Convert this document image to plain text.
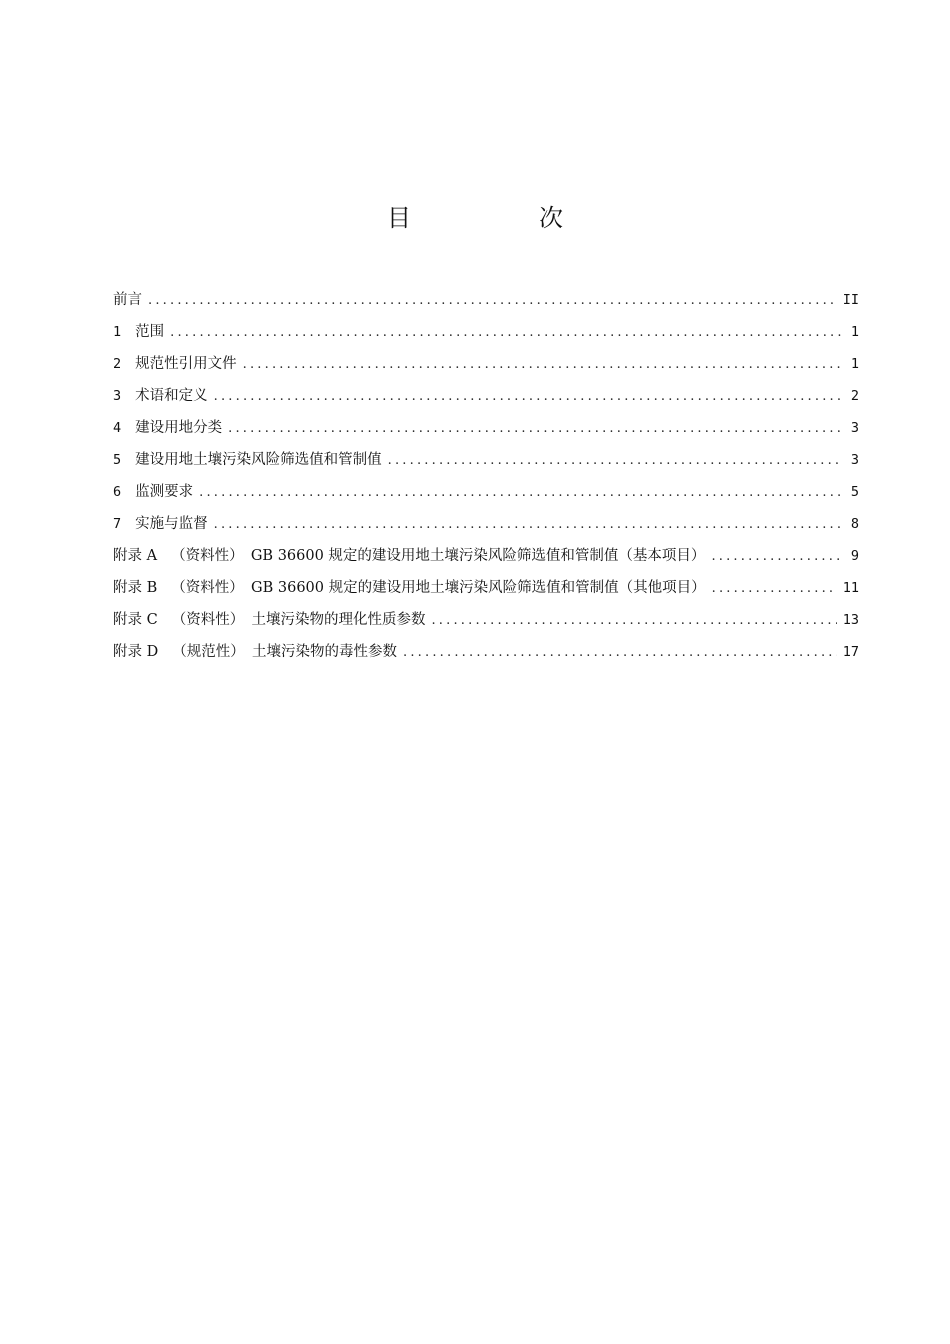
目　次
前言 .....	II
1 范围 .....	1
2 规范性引用文件 .....	1
3 术语和定义 .....	2
4 建设用地分类 .....	3
5 建设用地土壤污染风险筛选值和管制值 .....	3
6 监测要求 .....	5
7 实施与监督 .....	8
附录 A （资料性）　GB 36600 规定的建设用地土壤污染风险筛选值和管制值（基本项目） .....	9
附录 B （资料性）　GB 36600 规定的建设用地土壤污染风险筛选值和管制值（其他项目） .....	11
附录 C （资料性）　土壤污染物的理化性质参数 .....	13
附录 D （规范性）　土壤污染物的毒性参数 .....	17
